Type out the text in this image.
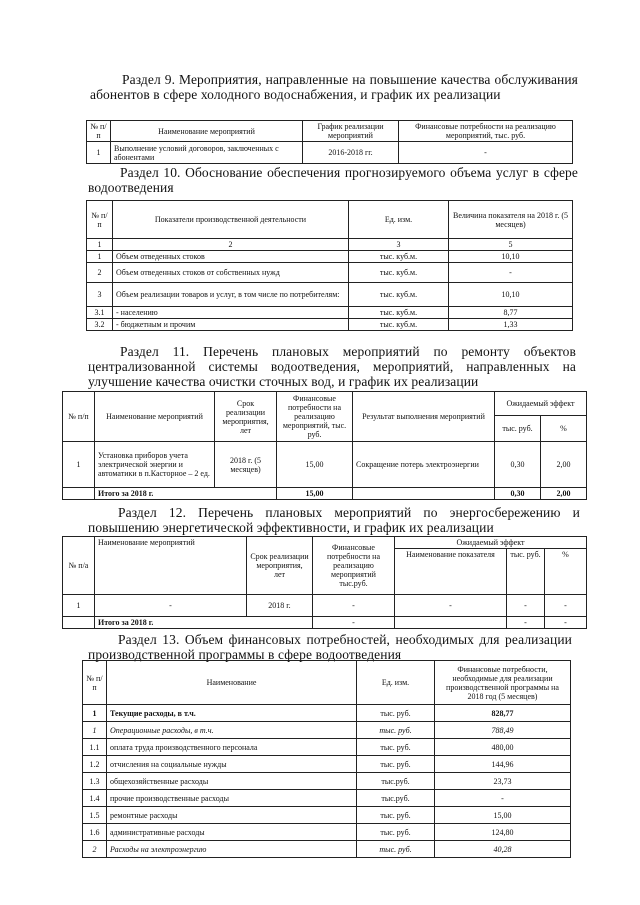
Раздел 9. Мероприятия, направленные на повышение качества обслуживания абонентов в сфере холодного водоснабжения, и график их реализации
№ п/п	Наименование мероприятий	График реализации мероприятий	Финансовые потребности на реализацию мероприятий, тыс. руб.
1	Выполнение условий договоров, заключенных с абонентами	2016-2018 гг.	-
Раздел 10. Обоснование обеспечения прогнозируемого объема услуг в сфере водоотведения
№ п/п	Показатели производственной деятельности	Ед. изм.	Величина показателя на 2018 г. (5 месяцев)
1	2	3	5
1	Объем отведенных стоков	тыс. куб.м.	10,10
2	Объем отведенных стоков от собственных нужд	тыс. куб.м.	-
3	Объем реализации товаров и услуг, в том числе по потребителям:	тыс. куб.м.	10,10
3.1	- населению	тыс. куб.м.	8,77
3.2	- бюджетным и прочим	тыс. куб.м.	1,33
Раздел 11. Перечень плановых мероприятий по ремонту объектов централизованной системы водоотведения, мероприятий, направленных на улучшение качества очистки сточных вод, и график их реализации
№ п/п	Наименование мероприятий	Срок реализации мероприятия, лет	Финансовые потребности на реализацию мероприятий, тыс. руб.	Результат выполнения мероприятий	Ожидаемый эффект	
					тыс. руб.	%
1	Установка приборов учета электрической энергии и автоматики в п.Касторное – 2 ед.	2018 г. (5 месяцев)	15,00	Сокращение потерь электроэнергии	0,30	2,00
	Итого за 2018 г.		15,00		0,30	2,00
Раздел 12. Перечень плановых мероприятий по энергосбережению и повышению энергетической эффективности, и график их реализации
№ п/а	Наименование мероприятий	Срок реализации мероприятия, лет	Финансовые потребности на реализацию мероприятий тыс.руб.	Ожидаемый эффект		
				Наименование показателя	тыс. руб.	%
1	-	2018 г.	-	-	-	-
	Итого за 2018 г.		-		-	-
Раздел 13. Объем финансовых потребностей, необходимых для реализации производственной программы в сфере водоотведения
№ п/п	Наименование	Ед. изм.	Финансовые потребности, необходимые для реализации производственной программы на 2018 год (5 месяцев)
1	Текущие расходы, в т.ч.	тыс. руб.	828,77
1	Операционные расходы, в т.ч.	тыс. руб.	788,49
1.1	оплата труда производственного персонала	тыс. руб.	480,00
1.2	отчисления на социальные нужды	тыс. руб.	144,96
1.3	общехозяйственные расходы	тыс.руб.	23,73
1.4	прочие производственные расходы	тыс.руб.	-
1.5	ремонтные расходы	тыс. руб.	15,00
1.6	административные расходы	тыс. руб.	124,80
2	Расходы на электроэнергию	тыс. руб.	40,28
